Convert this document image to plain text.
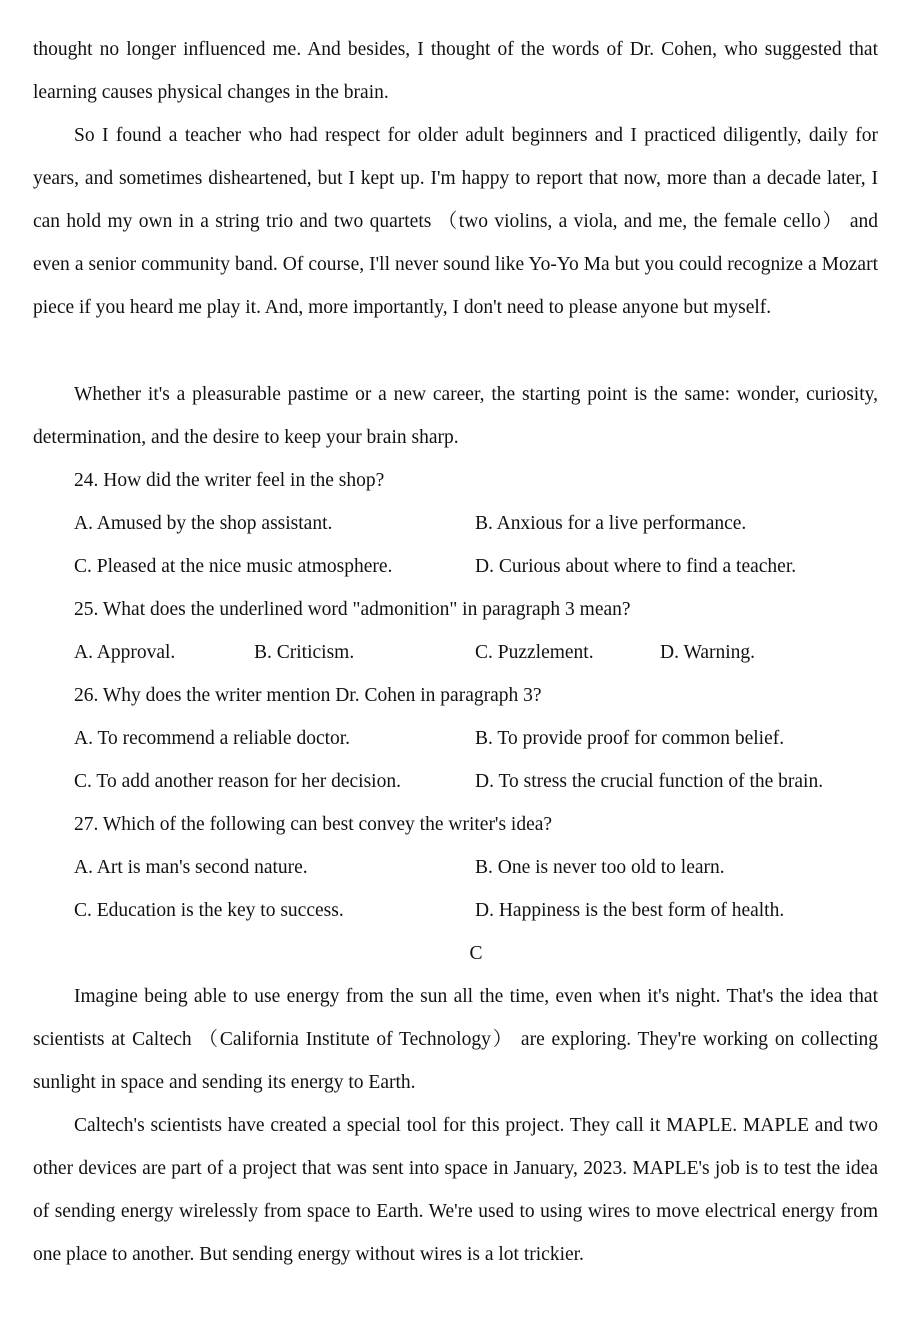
thought no longer influenced me. And besides, I thought of the words of Dr. Cohen, who suggested that learning causes physical changes in the brain.

So I found a teacher who had respect for older adult beginners and I practiced diligently, daily for years, and sometimes disheartened, but I kept up. I'm happy to report that now, more than a decade later, I can hold my own in a string trio and two quartets （two violins, a viola, and me, the female cello） and even a senior community band. Of course, I'll never sound like Yo-Yo Ma but you could recognize a Mozart piece if you heard me play it. And, more importantly, I don't need to please anyone but myself.

Whether it's a pleasurable pastime or a new career, the starting point is the same: wonder, curiosity, determination, and the desire to keep your brain sharp.

24. How did the writer feel in the shop?
A. Amused by the shop assistant.	B. Anxious for a live performance.
C. Pleased at the nice music atmosphere.	D. Curious about where to find a teacher.
25. What does the underlined word "admonition" in paragraph 3 mean?
A. Approval.	B. Criticism.	C. Puzzlement.	D. Warning.
26. Why does the writer mention Dr. Cohen in paragraph 3?
A. To recommend a reliable doctor.	B. To provide proof for common belief.
C. To add another reason for her decision.	D. To stress the crucial function of the brain.
27. Which of the following can best convey the writer's idea?
A. Art is man's second nature.	B. One is never too old to learn.
C. Education is the key to success.	D. Happiness is the best form of health.
C

Imagine being able to use energy from the sun all the time, even when it's night. That's the idea that scientists at Caltech （California Institute of Technology） are exploring. They're working on collecting sunlight in space and sending its energy to Earth.

Caltech's scientists have created a special tool for this project. They call it MAPLE. MAPLE and two other devices are part of a project that was sent into space in January, 2023. MAPLE's job is to test the idea of sending energy wirelessly from space to Earth. We're used to using wires to move electrical energy from one place to another. But sending energy without wires is a lot trickier.
